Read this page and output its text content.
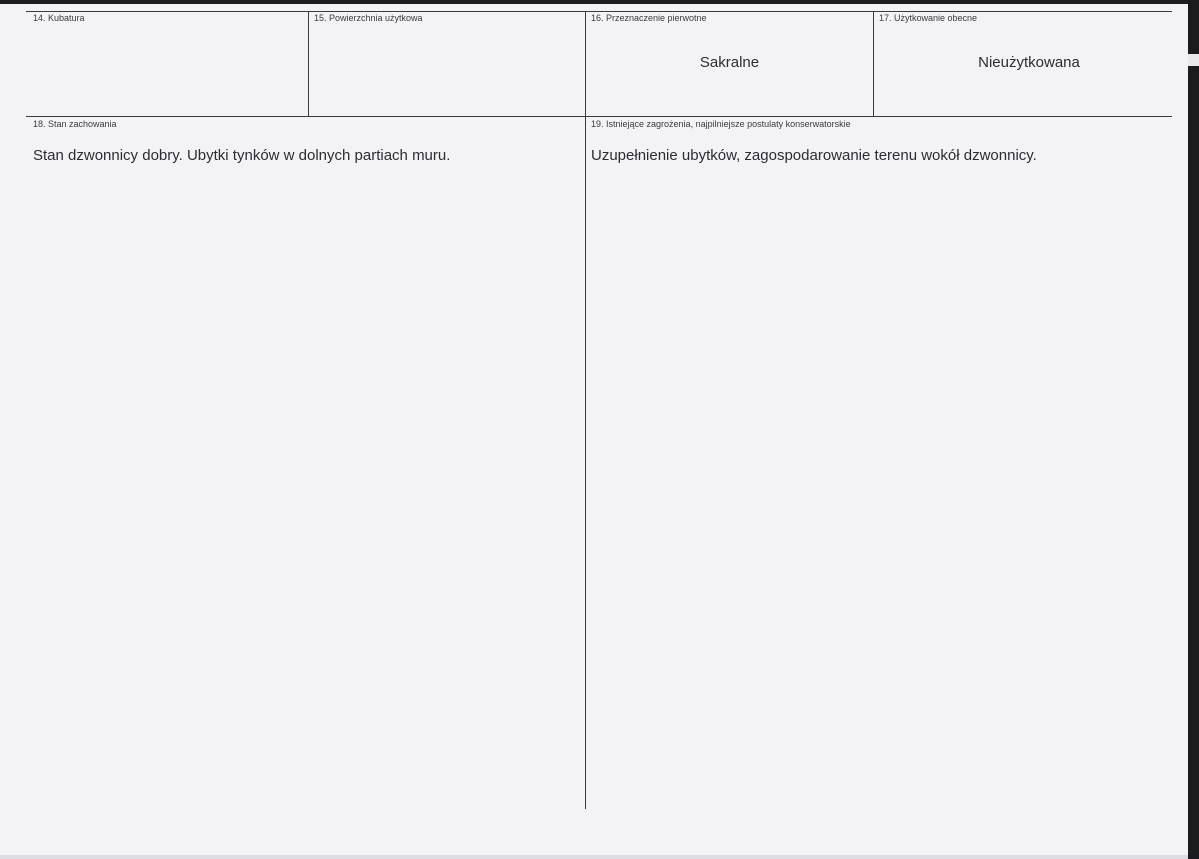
14. Kubatura	15. Powierzchnia użytkowa	16. Przeznaczenie pierwotne
Sakralne
17. Użytkowanie obecne
Nieużytkowana
18. Stan zachowania
Stan dzwonnicy dobry. Ubytki tynków w dolnych partiach muru.
19. Istniejące zagrożenia, najpilniejsze postulaty konserwatorskie
Uzupełnienie ubytków, zagospodarowanie terenu wokół dzwonnicy.
